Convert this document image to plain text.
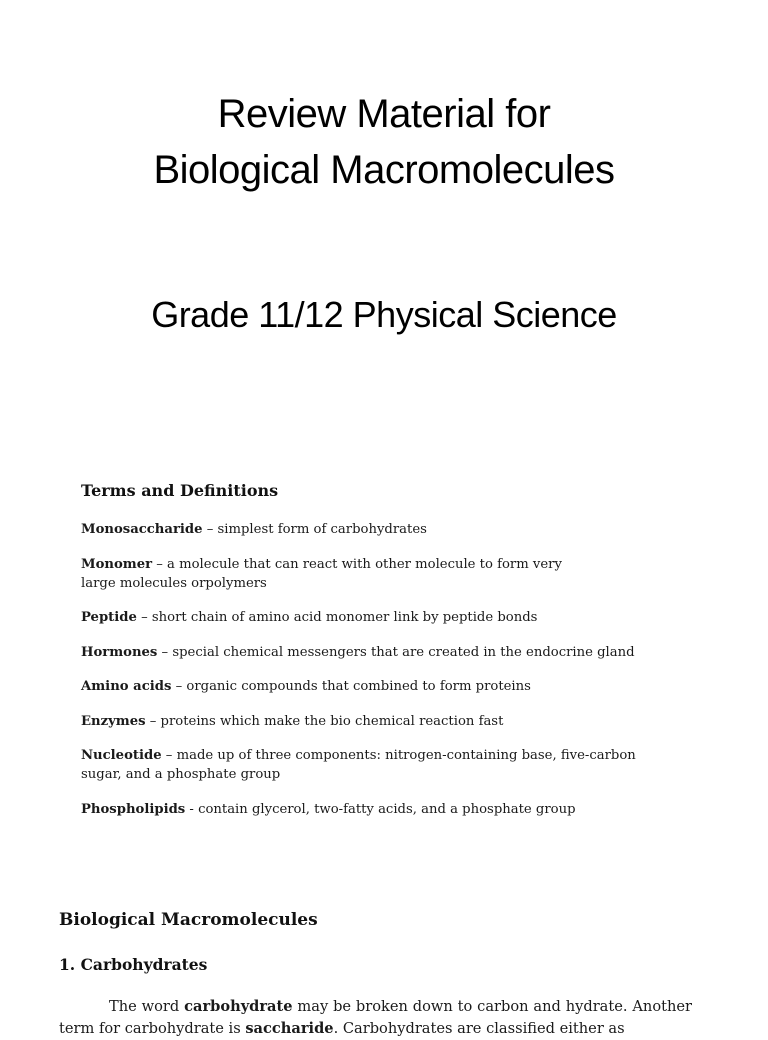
Review Material for
Biological Macromolecules
Grade 11/12 Physical Science
Terms and Definitions
Monosaccharide – simplest form of carbohydrates
Monomer – a molecule that can react with other molecule to form very large molecules orpolymers
Peptide – short chain of amino acid monomer link by peptide bonds
Hormones – special chemical messengers that are created in the endocrine gland
Amino acids – organic compounds that combined to form proteins
Enzymes – proteins which make the bio chemical reaction fast
Nucleotide – made up of three components: nitrogen-containing base, five-carbon sugar, and a phosphate group
Phospholipids - contain glycerol, two-fatty acids, and a phosphate group
Biological Macromolecules
1. Carbohydrates

The word carbohydrate may be broken down to carbon and hydrate. Another term for carbohydrate is saccharide. Carbohydrates are classified either as
